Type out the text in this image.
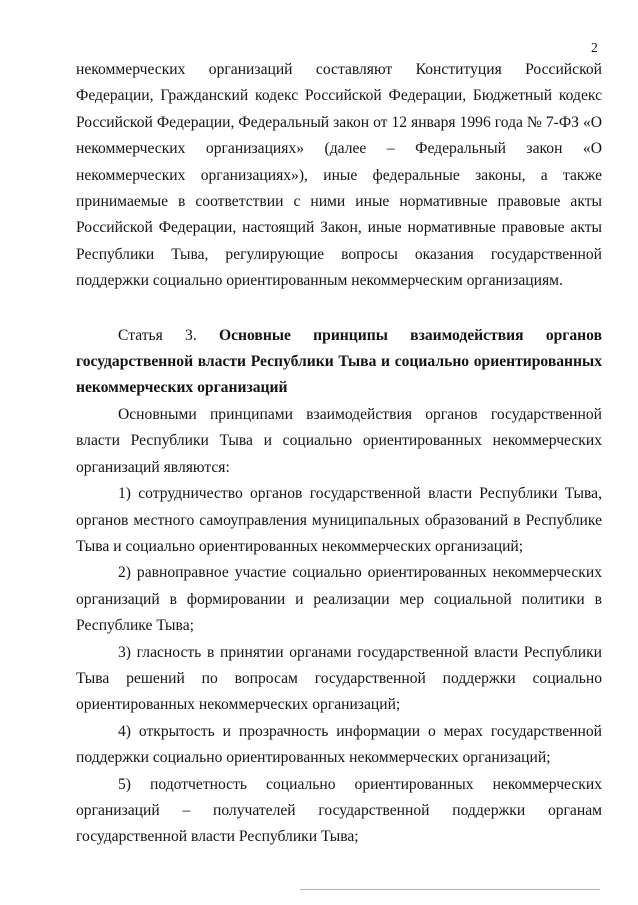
2

некоммерческих организаций составляют Конституция Российской Федерации, Гражданский кодекс Российской Федерации, Бюджетный кодекс Российской Федерации, Федеральный закон от 12 января 1996 года № 7-ФЗ «О некоммерческих организациях» (далее – Федеральный закон «О некоммерческих организациях»), иные федеральные законы, а также принимаемые в соответствии с ними иные нормативные правовые акты Российской Федерации, настоящий Закон, иные нормативные правовые акты Республики Тыва, регулирующие вопросы оказания государственной поддержки социально ориентированным некоммерческим организациям.

Статья 3. Основные принципы взаимодействия органов государственной власти Республики Тыва и социально ориентированных некоммерческих организаций

Основными принципами взаимодействия органов государственной власти Республики Тыва и социально ориентированных некоммерческих организаций являются:

1) сотрудничество органов государственной власти Республики Тыва, органов местного самоуправления муниципальных образований в Республике Тыва и социально ориентированных некоммерческих организаций;

2) равноправное участие социально ориентированных некоммерческих организаций в формировании и реализации мер социальной политики в Республике Тыва;

3) гласность в принятии органами государственной власти Республики Тыва решений по вопросам государственной поддержки социально ориентированных некоммерческих организаций;

4) открытость и прозрачность информации о мерах государственной поддержки социально ориентированных некоммерческих организаций;

5) подотчетность социально ориентированных некоммерческих организаций – получателей государственной поддержки органам государственной власти Республики Тыва;
